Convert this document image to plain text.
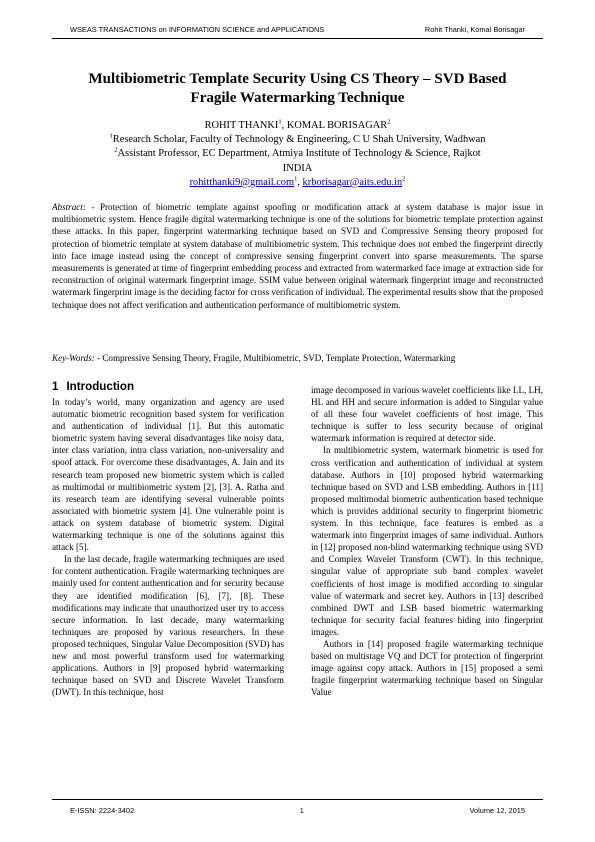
WSEAS TRANSACTIONS on INFORMATION SCIENCE and APPLICATIONS	Rohit Thanki, Komal Borisagar
Multibiometric Template Security Using CS Theory – SVD Based
Fragile Watermarking Technique
ROHIT THANKI$^1$, KOMAL BORISAGAR$^2$
$^1$Research Scholar, Faculty of Technology & Engineering, C U Shah University, Wadhwan
$^2$Assistant Professor, EC Department, Atmiya Institute of Technology & Science, Rajkot
INDIA
rohitthanki9@gmail.com$^1$, $krborisagar@aits.edu.in^2$

Abstract: - Protection of biometric template against spoofing or modification attack at system database is major issue in multibiometric system. Hence fragile digital watermarking technique is one of the solutions for biometric template protection against these attacks. In this paper, fingerprint watermarking technique based on SVD and Compressive Sensing theory proposed for protection of biometric template at system database of multibiometric system. This technique does not embed the fingerprint directly into face image instead using the concept of compressive sensing fingerprint convert into sparse measurements. The sparse measurements is generated at time of fingerprint embedding process and extracted from watermarked face image at extraction side for reconstruction of original watermark fingerprint image. SSIM value between original watermark fingerprint image and reconstructed watermark fingerprint image is the deciding factor for cross verification of individual. The experimental results show that the proposed technique does not affect verification and authentication performance of multibiometric system.

Key-Words: - Compressive Sensing Theory, Fragile, Multibiometric, SVD, Template Protection, Watermarking

1 Introduction

In today’s world, many organization and agency are used automatic biometric recognition based system for verification and authentication of individual [1]. But this automatic biometric system having several disadvantages like noisy data, inter class variation, intra class variation, non-universality and spoof attack. For overcome these disadvantages, A. Jain and its research team proposed new biometric system which is called as multimodal or multibiometric system [2], [3]. A. Ratha and its research team are identifying several vulnerable points associated with biometric system [4]. One vulnerable point is attack on system database of biometric system. Digital watermarking technique is one of the solutions against this attack [5].

In the last decade, fragile watermarking techniques are used for content authentication. Fragile watermarking techniques are mainly used for content authentication and for security because they are identified modification [6], [7], [8]. These modifications may indicate that unauthorized user try to access secure information. In last decade, many watermarking techniques are proposed by various researchers. In these proposed techniques, Singular Value Decomposition (SVD) has new and most powerful transform used for watermarking applications. Authors in [9] proposed hybrid watermarking technique based on SVD and Discrete Wavelet Transform (DWT). In this technique, host

image decomposed in various wavelet coefficients like LL, LH, HL and HH and secure information is added to Singular value of all these four wavelet coefficients of host image. This technique is suffer to less security because of original watermark information is required at detector side.

In multibiometric system, watermark biometric is used for cross verification and authentication of individual at system database. Authors in [10] proposed hybrid watermarking technique based on SVD and LSB embedding. Authors in [11] proposed multimodal biometric authentication based technique which is provides additional security to fingerprint biometric system. In this technique, face features is embed as a watermark into fingerprint images of same individual. Authors in [12] proposed non-blind watermarking technique using SVD and Complex Wavelet Transform (CWT). In this technique, singular value of appropriate sub band complex wavelet coefficients of host image is modified according to singular value of watermark and secret key. Authors in [13] described combined DWT and LSB based biometric watermarking technique for security facial features hiding into fingerprint images.

Authors in [14] proposed fragile watermarking technique based on multistage VQ and DCT for protection of fingerprint image against copy attack. Authors in [15] proposed a semi fragile fingerprint watermarking technique based on Singular Value

E-ISSN: 2224-3402	1	Volume 12, 2015
